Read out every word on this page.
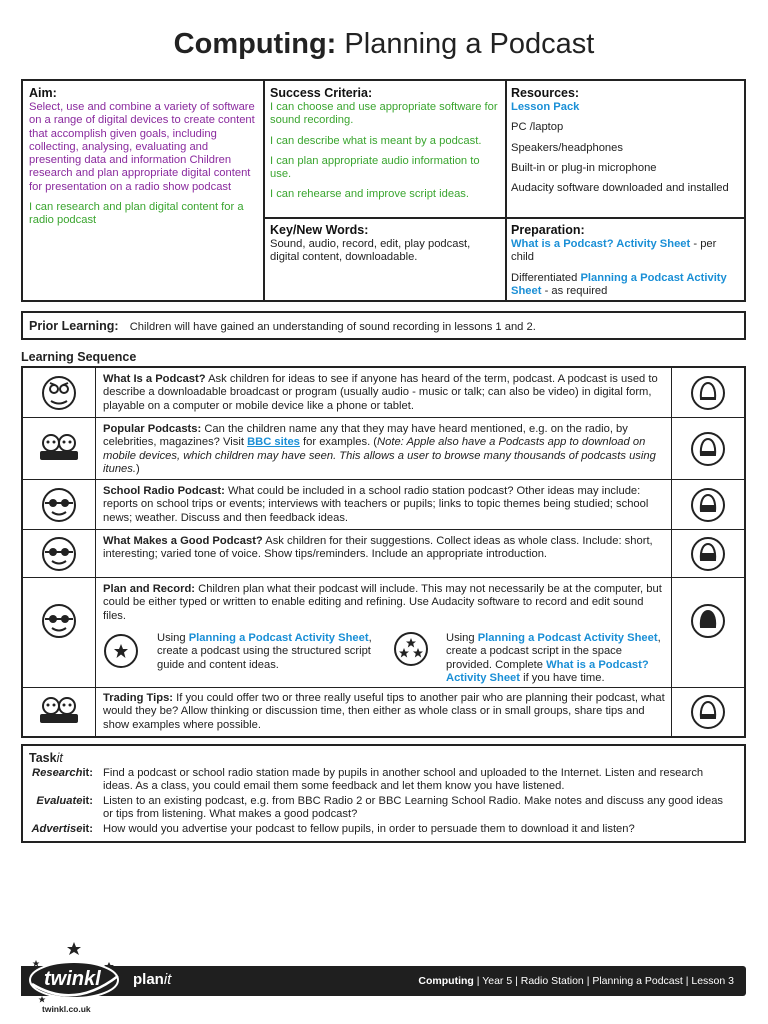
Computing: Planning a Podcast
Aim:

Select, use and combine a variety of software on a range of digital devices to create content that accomplish given goals, including collecting, analysing, evaluating and presenting data and information Children research and plan appropriate digital content for presentation on a radio show podcast

I can research and plan digital content for a radio podcast

Success Criteria:

I can choose and use appropriate software for sound recording.

I can describe what is meant by a podcast.

I can plan appropriate audio information to use.

I can rehearse and improve script ideas.

Resources:

Lesson Pack

PC /laptop

Speakers/headphones

Built-in or plug-in microphone

Audacity software downloaded and installed

Key/New Words:

Sound, audio, record, edit, play podcast, digital content, downloadable.

Preparation:

What is a Podcast? Activity Sheet - per child

Differentiated Planning a Podcast Activity Sheet - as required

Prior Learning: Children will have gained an understanding of sound recording in lessons 1 and 2.
Learning Sequence
What Is a Podcast? Ask children for ideas to see if anyone has heard of the term, podcast. A podcast is used to describe a downloadable broadcast or program (usually audio - music or talk; can also be video) in digital form, playable on a computer or mobile device like a phone or tablet.
Popular Podcasts: Can the children name any that they may have heard mentioned, e.g. on the radio, by celebrities, magazines? Visit BBC sites for examples. (Note: Apple also have a Podcasts app to download on mobile devices, which children may have seen. This allows a user to browse many thousands of podcasts using itunes.)
School Radio Podcast: What could be included in a school radio station podcast? Other ideas may include: reports on school trips or events; interviews with teachers or pupils; links to topic themes being studied; school news; weather. Discuss and then feedback ideas.
What Makes a Good Podcast? Ask children for their suggestions. Collect ideas as whole class. Include: short, interesting; varied tone of voice. Show tips/reminders. Include an appropriate introduction.
Plan and Record: Children plan what their podcast will include. This may not necessarily be at the computer, but could be either typed or written to enable editing and refining. Use Audacity software to record and edit sound files.
Using Planning a Podcast Activity Sheet, create a podcast using the structured script guide and content ideas.
Using Planning a Podcast Activity Sheet, create a podcast script in the space provided. Complete What is a Podcast? Activity Sheet if you have time.
Trading Tips: If you could offer two or three really useful tips to another pair who are planning their podcast, what would they be? Allow thinking or discussion time, then either as whole class or in small groups, share tips and show examples where possible.
Taskit
Researchit: Find a podcast or school radio station made by pupils in another school and uploaded to the Internet. Listen and research ideas. As a class, you could email them some feedback and let them know you have listened.
Evaluateit: Listen to an existing podcast, e.g. from BBC Radio 2 or BBC Learning School Radio. Make notes and discuss any good ideas or tips from listening. What makes a good podcast?
Advertiseit: How would you advertise your podcast to fellow pupils, in order to persuade them to download it and listen?
twinkl
twinkl.co.uk
planit	Computing | Year 5 | Radio Station | Planning a Podcast | Lesson 3
